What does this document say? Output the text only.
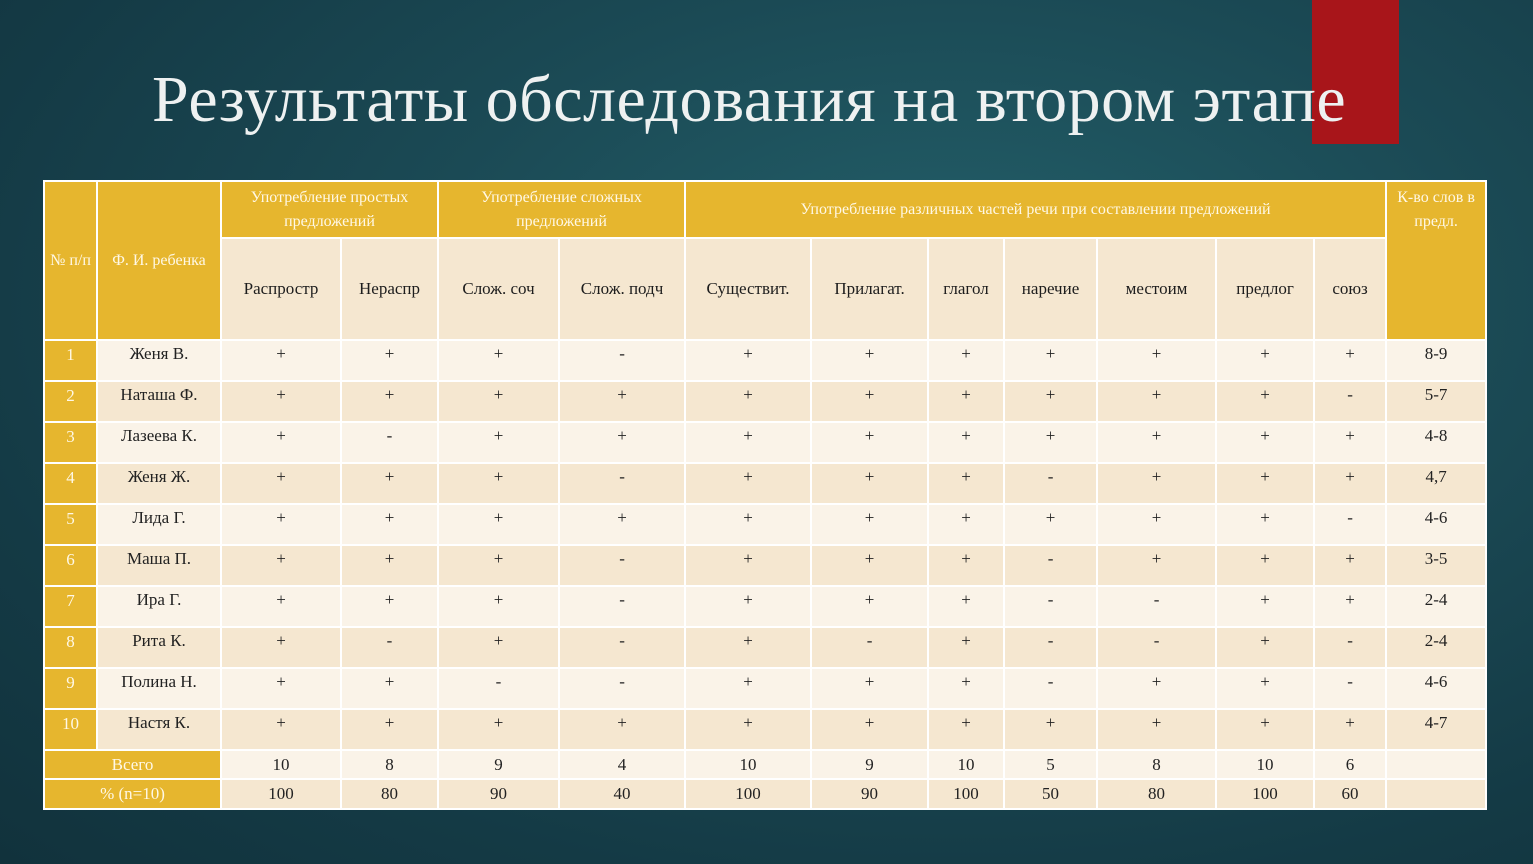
Результаты обследования на втором этапе
№ п/п	Ф. И. ребенка	Употребление простых предложений		Употребление сложных предложений		Употребление различных частей речи при составлении предложений							К-во слов в предл.
		Распростр	Нераспр	Слож. соч	Слож. подч	Существит.	Прилагат.	глагол	наречие	местоим	предлог	союз	
1	Женя В.	+	+	+	-	+	+	+	+	+	+	+	8-9
2	Наташа Ф.	+	+	+	+	+	+	+	+	+	+	-	5-7
3	Лазеева К.	+	-	+	+	+	+	+	+	+	+	+	4-8
4	Женя Ж.	+	+	+	-	+	+	+	-	+	+	+	4,7
5	Лида Г.	+	+	+	+	+	+	+	+	+	+	-	4-6
6	Маша П.	+	+	+	-	+	+	+	-	+	+	+	3-5
7	Ира Г.	+	+	+	-	+	+	+	-	-	+	+	2-4
8	Рита К.	+	-	+	-	+	-	+	-	-	+	-	2-4
9	Полина Н.	+	+	-	-	+	+	+	-	+	+	-	4-6
10	Настя К.	+	+	+	+	+	+	+	+	+	+	+	4-7
Всего		10	8	9	4	10	9	10	5	8	10	6	
% (n=10)		100	80	90	40	100	90	100	50	80	100	60	
